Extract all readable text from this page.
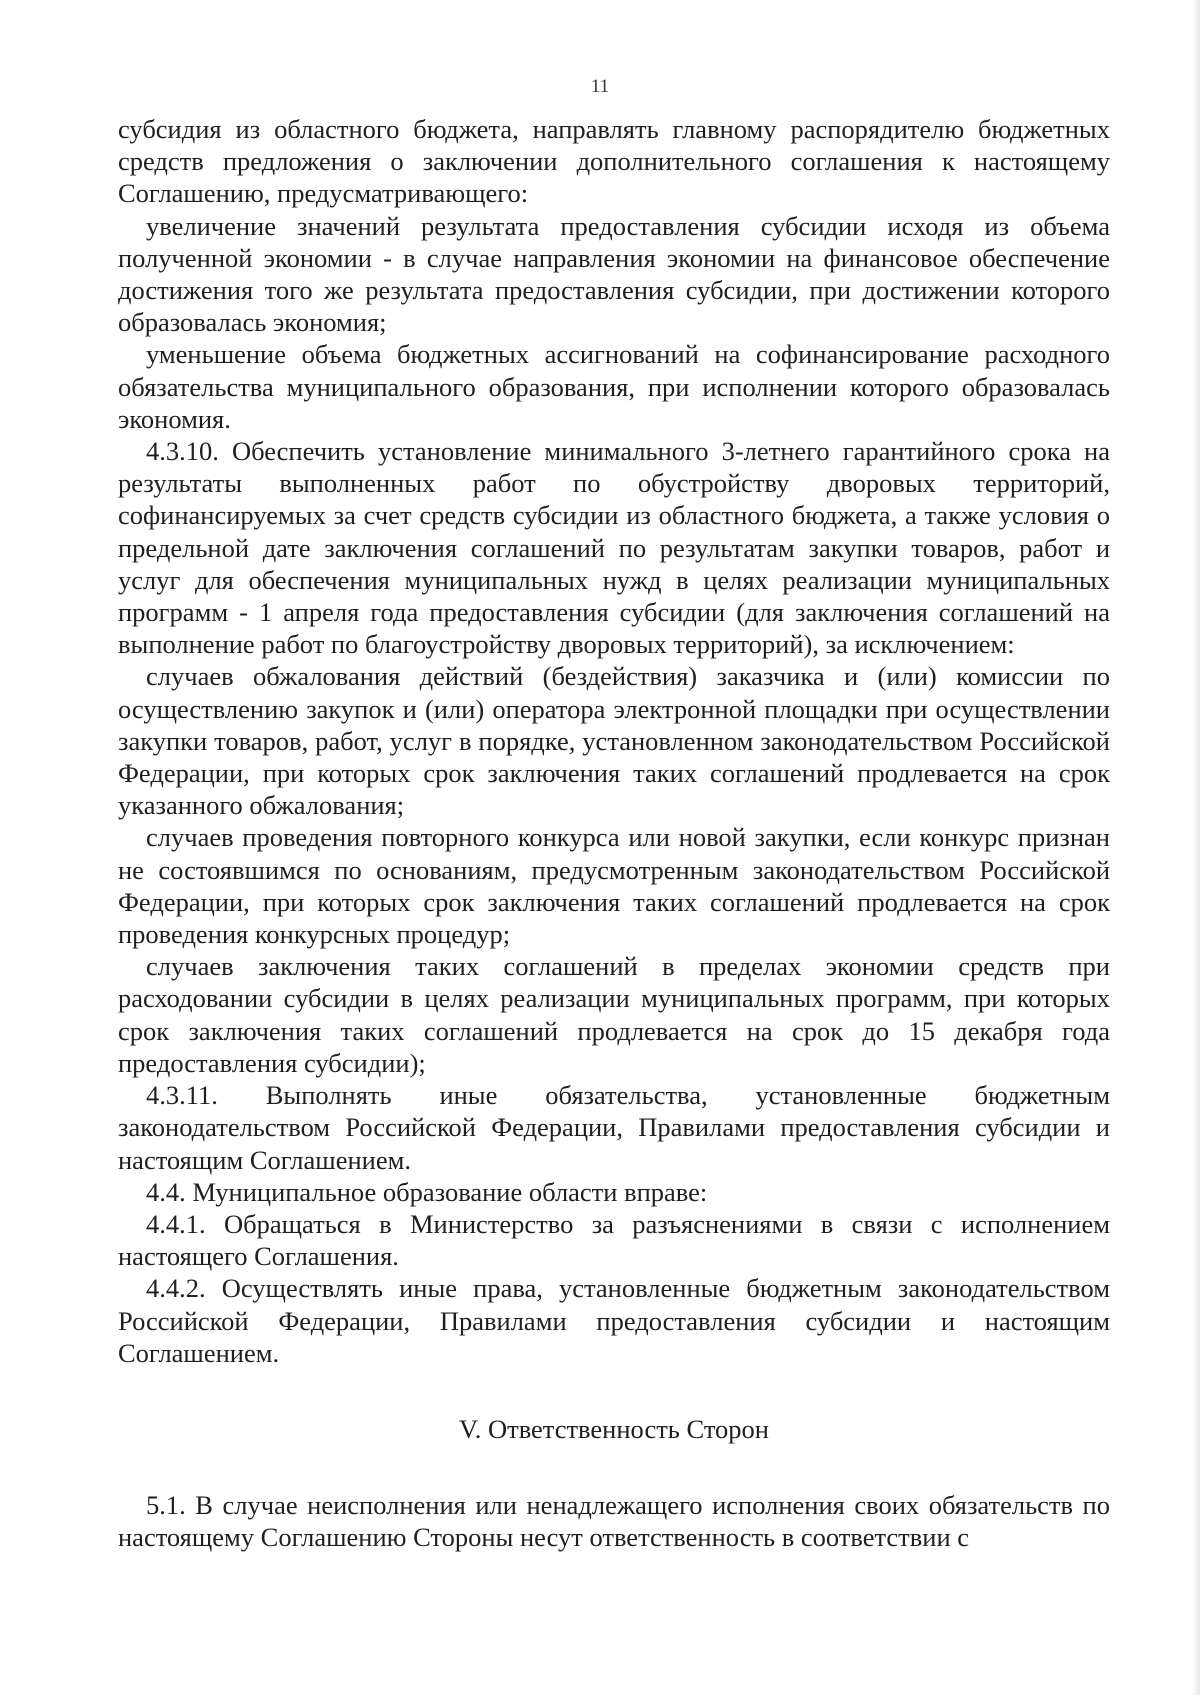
11

субсидия из областного бюджета, направлять главному распорядителю бюджетных средств предложения о заключении дополнительного соглашения к настоящему Соглашению, предусматривающего:

увеличение значений результата предоставления субсидии исходя из объема полученной экономии - в случае направления экономии на финансовое обеспечение достижения того же результата предоставления субсидии, при достижении которого образовалась экономия;

уменьшение объема бюджетных ассигнований на софинансирование расходного обязательства муниципального образования, при исполнении которого образовалась экономия.

4.3.10. Обеспечить установление минимального 3-летнего гарантийного срока на результаты выполненных работ по обустройству дворовых территорий, софинансируемых за счет средств субсидии из областного бюджета, а также условия о предельной дате заключения соглашений по результатам закупки товаров, работ и услуг для обеспечения муниципальных нужд в целях реализации муниципальных программ - 1 апреля года предоставления субсидии (для заключения соглашений на выполнение работ по благоустройству дворовых территорий), за исключением:

случаев обжалования действий (бездействия) заказчика и (или) комиссии по осуществлению закупок и (или) оператора электронной площадки при осуществлении закупки товаров, работ, услуг в порядке, установленном законодательством Российской Федерации, при которых срок заключения таких соглашений продлевается на срок указанного обжалования;

случаев проведения повторного конкурса или новой закупки, если конкурс признан не состоявшимся по основаниям, предусмотренным законодательством Российской Федерации, при которых срок заключения таких соглашений продлевается на срок проведения конкурсных процедур;

случаев заключения таких соглашений в пределах экономии средств при расходовании субсидии в целях реализации муниципальных программ, при которых срок заключения таких соглашений продлевается на срок до 15 декабря года предоставления субсидии);

4.3.11. Выполнять иные обязательства, установленные бюджетным законодательством Российской Федерации, Правилами предоставления субсидии и настоящим Соглашением.

4.4. Муниципальное образование области вправе:

4.4.1. Обращаться в Министерство за разъяснениями в связи с исполнением настоящего Соглашения.

4.4.2. Осуществлять иные права, установленные бюджетным законодательством Российской Федерации, Правилами предоставления субсидии и настоящим Соглашением.

V. Ответственность Сторон

5.1. В случае неисполнения или ненадлежащего исполнения своих обязательств по настоящему Соглашению Стороны несут ответственность в соответствии с
